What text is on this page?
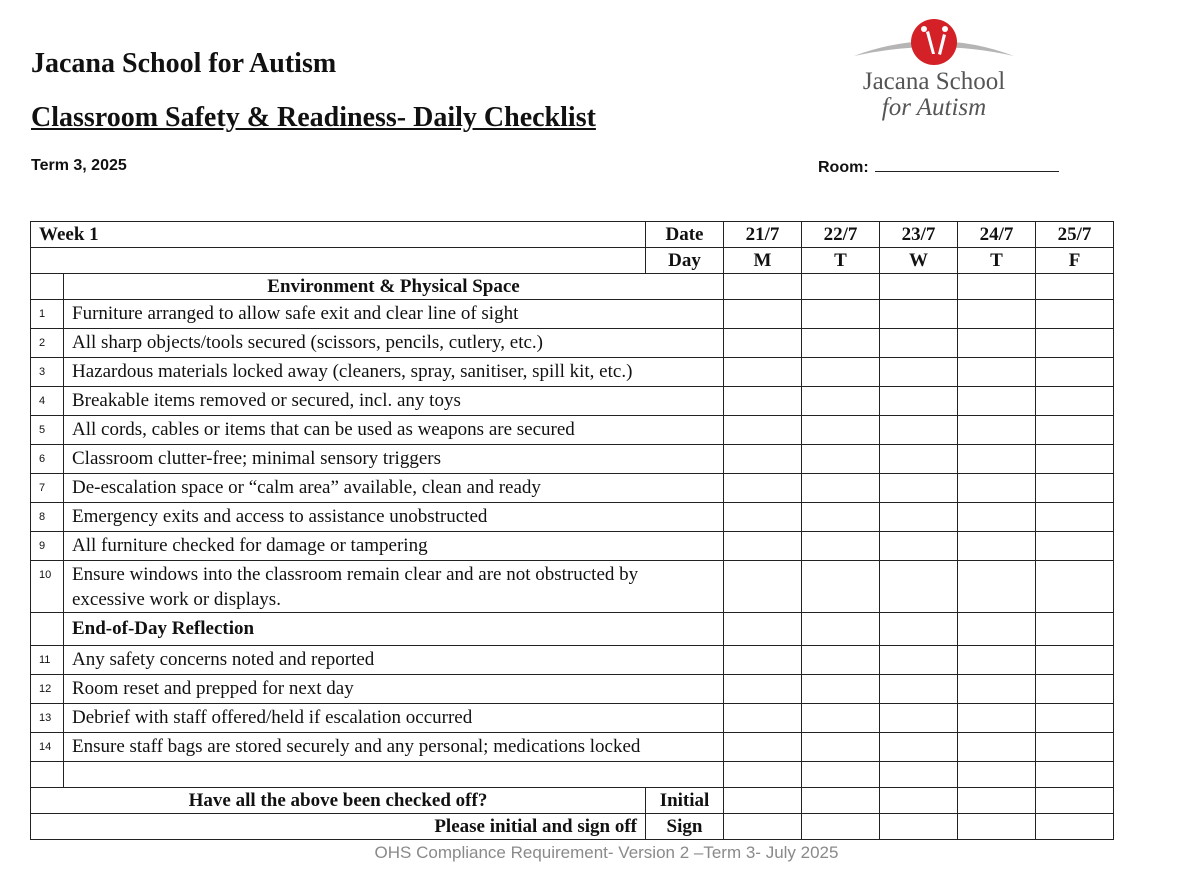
Jacana School for Autism
Classroom Safety & Readiness- Daily Checklist
Term 3, 2025	Room:
Jacana School
for Autism
Week 1		Date	21/7	22/7	23/7	24/7	25/7
		Day	M	T	W	T	F
	Environment & Physical Space						
1	Furniture arranged to allow safe exit and clear line of sight						
2	All sharp objects/tools secured (scissors, pencils, cutlery, etc.)						
3	Hazardous materials locked away (cleaners, spray, sanitiser, spill kit, etc.)						
4	Breakable items removed or secured, incl. any toys						
5	All cords, cables or items that can be used as weapons are secured						
6	Classroom clutter-free; minimal sensory triggers						
7	De-escalation space or “calm area” available, clean and ready						
8	Emergency exits and access to assistance unobstructed						
9	All furniture checked for damage or tampering						
10	Ensure windows into the classroom remain clear and are not obstructed by excessive work or displays.						
	End-of-Day Reflection						
11	Any safety concerns noted and reported						
12	Room reset and prepped for next day						
13	Debrief with staff offered/held if escalation occurred						
14	Ensure staff bags are stored securely and any personal; medications locked						

Have all the above been checked off?		Initial					
Please initial and sign off		Sign					
OHS Compliance Requirement- Version 2 –Term 3- July 2025
